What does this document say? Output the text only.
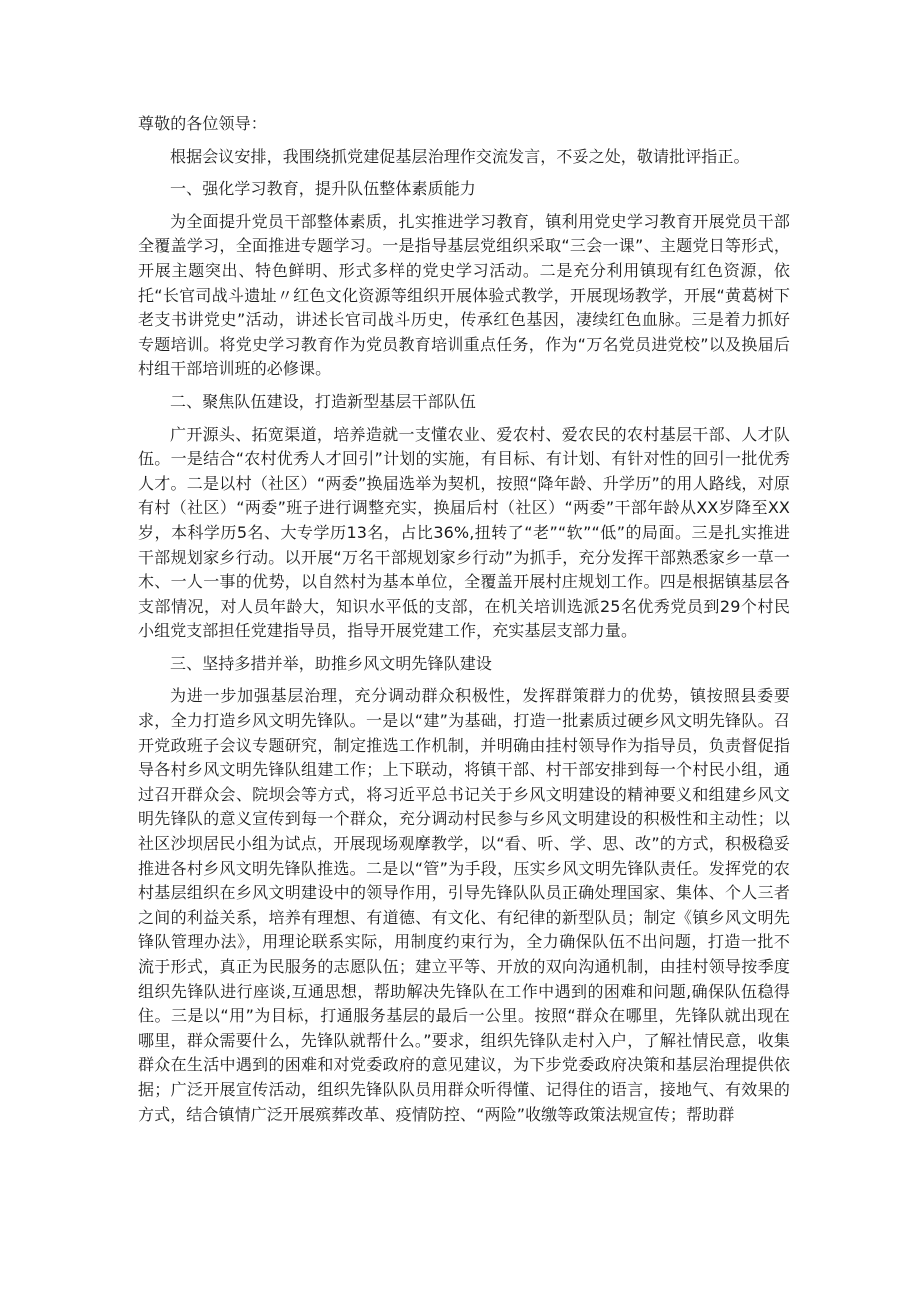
尊敬的各位领导：

根据会议安排，我围绕抓党建促基层治理作交流发言，不妥之处，敬请批评指正。

一、强化学习教育，提升队伍整体素质能力

为全面提升党员干部整体素质，扎实推进学习教育，镇利用党史学习教育开展党员干部全覆盖学习，全面推进专题学习。一是指导基层党组织采取“三会一课”、主题党日等形式，开展主题突出、特色鲜明、形式多样的党史学习活动。二是充分利用镇现有红色资源，依托“长官司战斗遗址〃红色文化资源等组织开展体验式教学，开展现场教学，开展“黄葛树下老支书讲党史”活动，讲述长官司战斗历史，传承红色基因，凄续红色血脉。三是着力抓好专题培训。将党史学习教育作为党员教育培训重点任务，作为“万名党员进党校”以及换届后村组干部培训班的必修课。

二、聚焦队伍建设，打造新型基层干部队伍

广开源头、拓宽渠道，培养造就一支懂农业、爱农村、爱农民的农村基层干部、人才队伍。一是结合“农村优秀人才回引”计划的实施，有目标、有计划、有针对性的回引一批优秀人才。二是以村（社区）“两委”换届选举为契机，按照“降年龄、升学历”的用人路线，对原有村（社区）“两委”班子进行调整充实，换届后村（社区）“两委”干部年龄从XX岁降至XX岁，本科学历5名、大专学历13名，占比36%,扭转了“老”“软”“低”的局面。三是扎实推进干部规划家乡行动。以开展“万名干部规划家乡行动”为抓手，充分发挥干部熟悉家乡一草一木、一人一事的优势，以自然村为基本单位，全覆盖开展村庄规划工作。四是根据镇基层各支部情况，对人员年龄大，知识水平低的支部，在机关培训选派25名优秀党员到29个村民小组党支部担任党建指导员，指导开展党建工作，充实基层支部力量。

三、坚持多措并举，助推乡风文明先锋队建设

为进一步加强基层治理，充分调动群众积极性，发挥群策群力的优势，镇按照县委要求，全力打造乡风文明先锋队。一是以“建”为基础，打造一批素质过硬乡风文明先锋队。召开党政班子会议专题研究，制定推选工作机制，并明确由挂村领导作为指导员，负责督促指导各村乡风文明先锋队组建工作；上下联动，将镇干部、村干部安排到每一个村民小组，通过召开群众会、院坝会等方式，将习近平总书记关于乡风文明建设的精神要义和组建乡风文明先锋队的意义宣传到每一个群众，充分调动村民参与乡风文明建设的积极性和主动性；以社区沙坝居民小组为试点，开展现场观摩教学，以“看、听、学、思、改”的方式，积极稳妥推进各村乡风文明先锋队推选。二是以“管”为手段，压实乡风文明先锋队责任。发挥党的农村基层组织在乡风文明建设中的领导作用，引导先锋队队员正确处理国家、集体、个人三者之间的利益关系，培养有理想、有道德、有文化、有纪律的新型队员；制定《镇乡风文明先锋队管理办法》，用理论联系实际，用制度约束行为，全力确保队伍不出问题，打造一批不流于形式，真正为民服务的志愿队伍；建立平等、开放的双向沟通机制，由挂村领导按季度组织先锋队进行座谈,互通思想，帮助解决先锋队在工作中遇到的困难和问题,确保队伍稳得住。三是以“用”为目标，打通服务基层的最后一公里。按照“群众在哪里，先锋队就出现在哪里，群众需要什么，先锋队就帮什么。”要求，组织先锋队走村入户，了解社情民意，收集群众在生活中遇到的困难和对党委政府的意见建议，为下步党委政府决策和基层治理提供依据；广泛开展宣传活动，组织先锋队队员用群众听得懂、记得住的语言，接地气、有效果的方式，结合镇情广泛开展殡葬改革、疫情防控、“两险”收缴等政策法规宣传；帮助群
